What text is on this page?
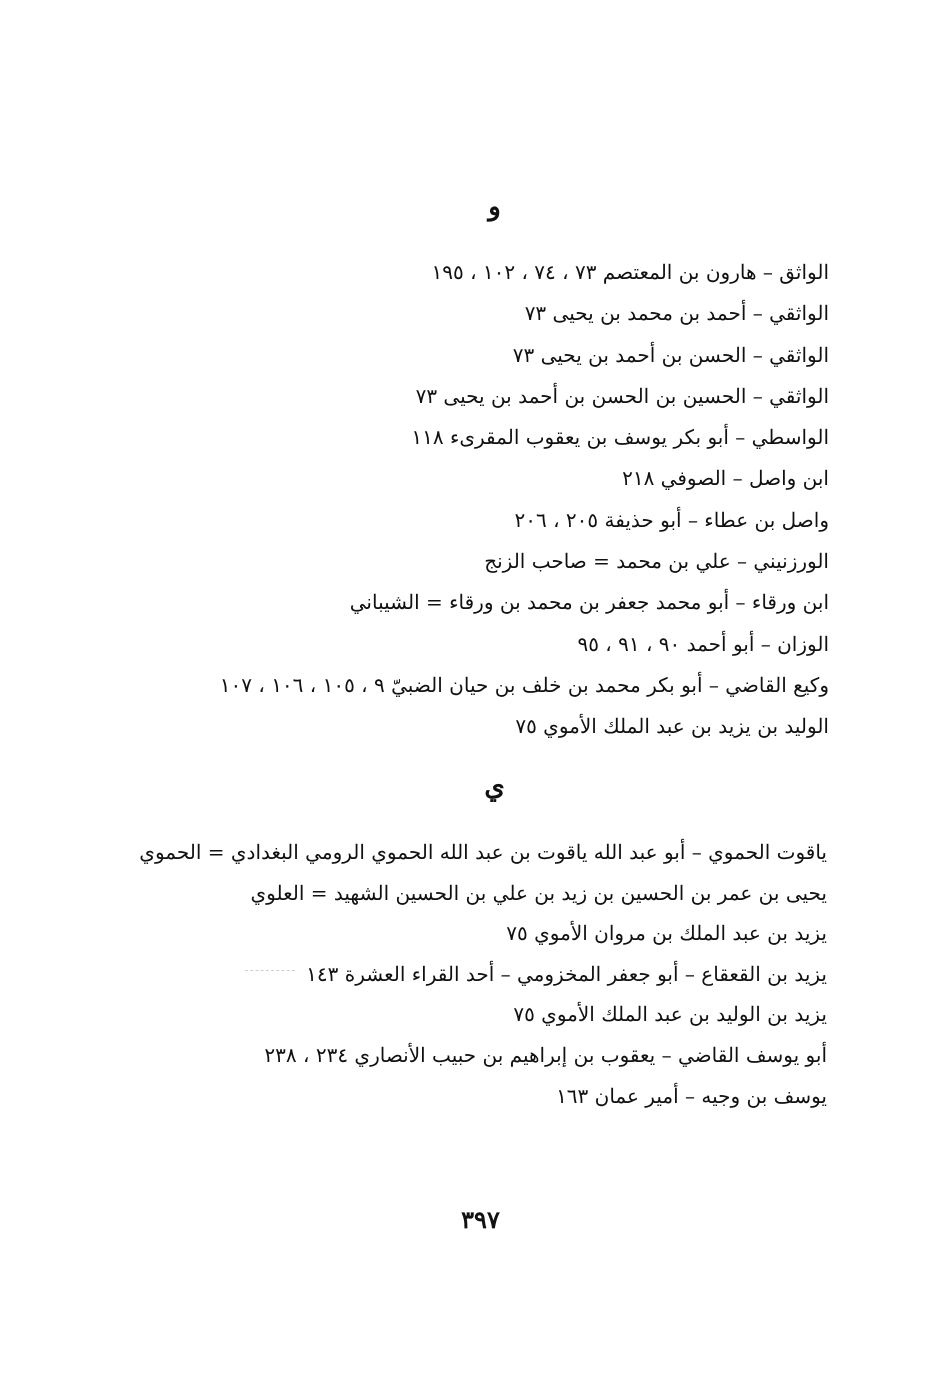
و
الواثق – هارون بن المعتصم ٧٣ ، ٧٤ ، ١٠٢ ، ١٩٥
الواثقي – أحمد بن محمد بن يحيى ٧٣
الواثقي – الحسن بن أحمد بن يحيى ٧٣
الواثقي – الحسين بن الحسن بن أحمد بن يحيى ٧٣
الواسطي – أبو بكر يوسف بن يعقوب المقرىء ١١٨
ابن واصل – الصوفي ٢١٨
واصل بن عطاء – أبو حذيفة ٢٠٥ ، ٢٠٦
الورزنيني – علي بن محمد = صاحب الزنج
ابن ورقاء – أبو محمد جعفر بن محمد بن ورقاء = الشيباني
الوزان – أبو أحمد ٩٠ ، ٩١ ، ٩٥
وكيع القاضي – أبو بكر محمد بن خلف بن حيان الضبيّ ٩ ، ١٠٥ ، ١٠٦ ، ١٠٧
الوليد بن يزيد بن عبد الملك الأموي ٧٥
ي
ياقوت الحموي – أبو عبد الله ياقوت بن عبد الله الحموي الرومي البغدادي = الحموي
يحيى بن عمر بن الحسين بن زيد بن علي بن الحسين الشهيد = العلوي
يزيد بن عبد الملك بن مروان الأموي ٧٥
يزيد بن القعقاع – أبو جعفر المخزومي – أحد القراء العشرة ١٤٣
يزيد بن الوليد بن عبد الملك الأموي ٧٥
أبو يوسف القاضي – يعقوب بن إبراهيم بن حبيب الأنصاري ٢٣٤ ، ٢٣٨
يوسف بن وجيه – أمير عمان ١٦٣
٣٩٧
